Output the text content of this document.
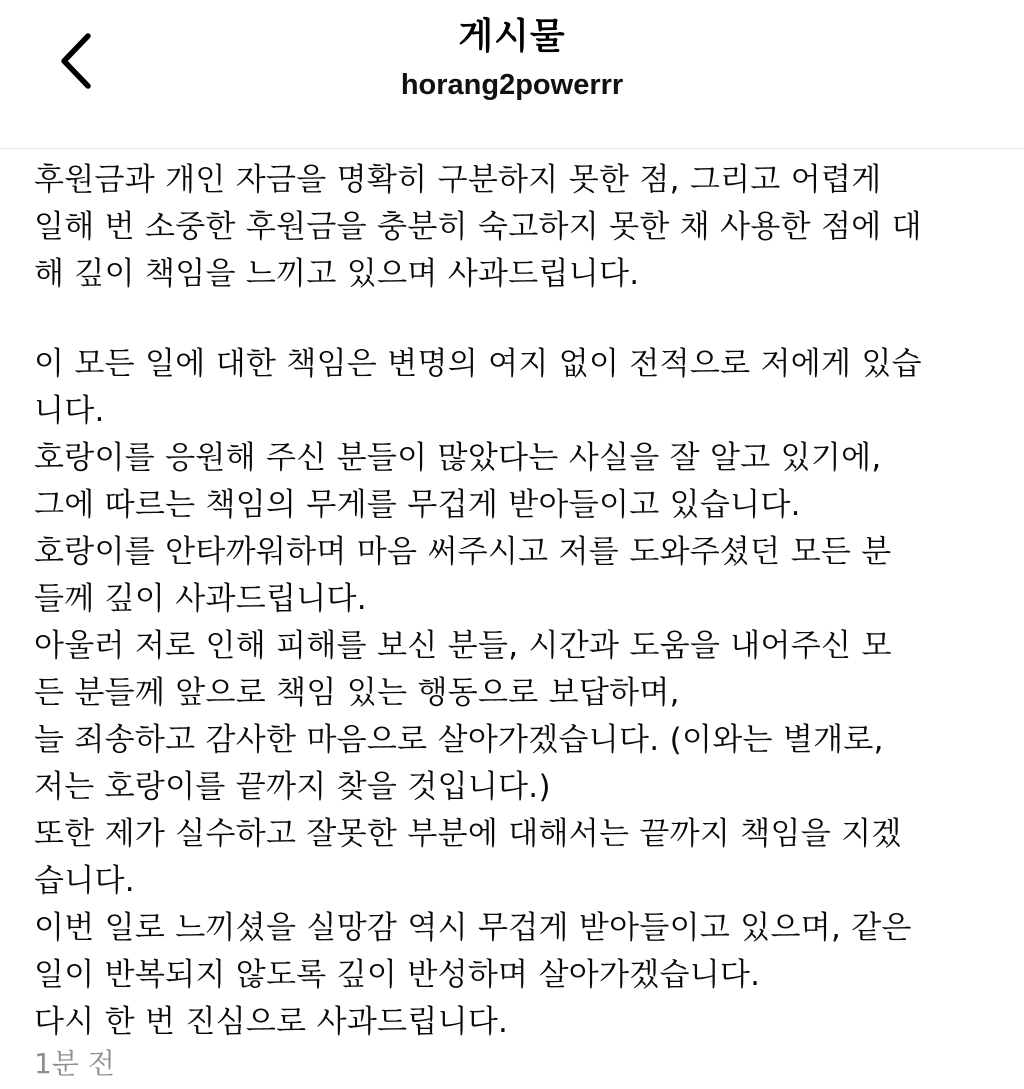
게시물
horang2powerrr
후원금과 개인 자금을 명확히 구분하지 못한 점, 그리고 어렵게
일해 번 소중한 후원금을 충분히 숙고하지 못한 채 사용한 점에 대
해 깊이 책임을 느끼고 있으며 사과드립니다.
이 모든 일에 대한 책임은 변명의 여지 없이 전적으로 저에게 있습
니다.
호랑이를 응원해 주신 분들이 많았다는 사실을 잘 알고 있기에,
그에 따르는 책임의 무게를 무겁게 받아들이고 있습니다.
호랑이를 안타까워하며 마음 써주시고 저를 도와주셨던 모든 분
들께 깊이 사과드립니다.
아울러 저로 인해 피해를 보신 분들, 시간과 도움을 내어주신 모
든 분들께 앞으로 책임 있는 행동으로 보답하며,
늘 죄송하고 감사한 마음으로 살아가겠습니다. (이와는 별개로,
저는 호랑이를 끝까지 찾을 것입니다.)
또한 제가 실수하고 잘못한 부분에 대해서는 끝까지 책임을 지겠
습니다.
이번 일로 느끼셨을 실망감 역시 무겁게 받아들이고 있으며, 같은
일이 반복되지 않도록 깊이 반성하며 살아가겠습니다.
다시 한 번 진심으로 사과드립니다.
1분 전
